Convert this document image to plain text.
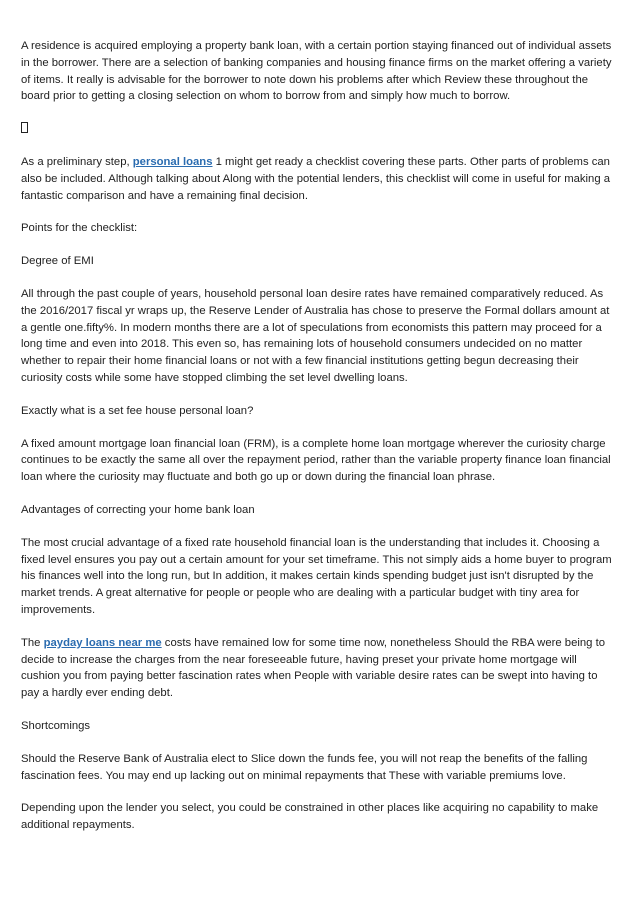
A residence is acquired employing a property bank loan, with a certain portion staying financed out of individual assets in the borrower. There are a selection of banking companies and housing finance firms on the market offering a variety of items. It really is advisable for the borrower to note down his problems after which Review these throughout the board prior to getting a closing selection on whom to borrow from and simply how much to borrow.

As a preliminary step, personal loans 1 might get ready a checklist covering these parts. Other parts of problems can also be included. Although talking about Along with the potential lenders, this checklist will come in useful for making a fantastic comparison and have a remaining final decision.

Points for the checklist:

Degree of EMI

All through the past couple of years, household personal loan desire rates have remained comparatively reduced. As the 2016/2017 fiscal yr wraps up, the Reserve Lender of Australia has chose to preserve the Formal dollars amount at a gentle one.fifty%. In modern months there are a lot of speculations from economists this pattern may proceed for a long time and even into 2018. This even so, has remaining lots of household consumers undecided on no matter whether to repair their home financial loans or not with a few financial institutions getting begun decreasing their curiosity costs while some have stopped climbing the set level dwelling loans.

Exactly what is a set fee house personal loan?

A fixed amount mortgage loan financial loan (FRM), is a complete home loan mortgage wherever the curiosity charge continues to be exactly the same all over the repayment period, rather than the variable property finance loan financial loan where the curiosity may fluctuate and both go up or down during the financial loan phrase.

Advantages of correcting your home bank loan

The most crucial advantage of a fixed rate household financial loan is the understanding that includes it. Choosing a fixed level ensures you pay out a certain amount for your set timeframe. This not simply aids a home buyer to program his finances well into the long run, but In addition, it makes certain kinds spending budget just isn't disrupted by the market trends. A great alternative for people or people who are dealing with a particular budget with tiny area for improvements.

The payday loans near me costs have remained low for some time now, nonetheless Should the RBA were being to decide to increase the charges from the near foreseeable future, having preset your private home mortgage will cushion you from paying better fascination rates when People with variable desire rates can be swept into having to pay a hardly ever ending debt.

Shortcomings

Should the Reserve Bank of Australia elect to Slice down the funds fee, you will not reap the benefits of the falling fascination fees. You may end up lacking out on minimal repayments that These with variable premiums love.

Depending upon the lender you select, you could be constrained in other places like acquiring no capability to make additional repayments.
